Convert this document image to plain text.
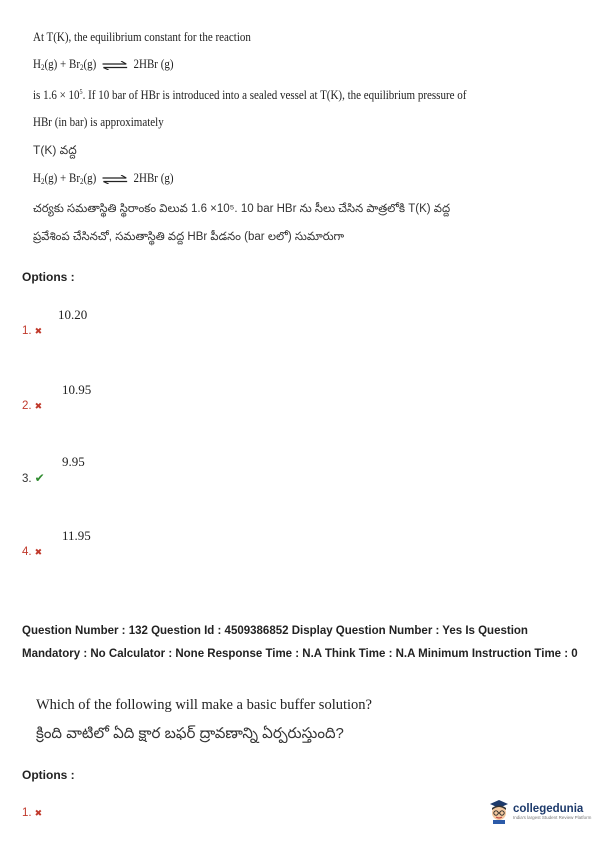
At T(K), the equilibrium constant for the reaction
$H_2(g) + Br_2(g)$ ⇌ 2HBr (g)
is $1.6 \times 10^5$. If 10 bar of HBr is introduced into a sealed vessel at T(K), the equilibrium pressure of
HBr (in bar) is approximately
T(K) వద్ద
$H_2(g) + Br_2(g)$ ⇌ 2HBr (g)
చర్యకు సమతాస్థితి స్థిరాంకం విలువ 1.6 ×10⁵. 10 bar HBr ను సీలు చేసిన పాత్రలోకి T(K) వద్ద
ప్రవేశింప చేసినచో, సమతాస్థితి వద్ద HBr పీడనం (bar లలో) సుమారుగా
Options :
10.20
1. ✖
10.95
2. ✖
9.95
3. ✔
11.95
4. ✖
Question Number : 132 Question Id : 4509386852 Display Question Number : Yes Is Question Mandatory : No Calculator : None Response Time : N.A Think Time : N.A Minimum Instruction Time : 0
Which of the following will make a basic buffer solution?
క్రింది వాటిలో ఏది క్షార బఫర్ ద్రావణాన్ని ఏర్పరుస్తుంది?
Options :
1. ✖	collegedunia
India's largest Student Review Platform
